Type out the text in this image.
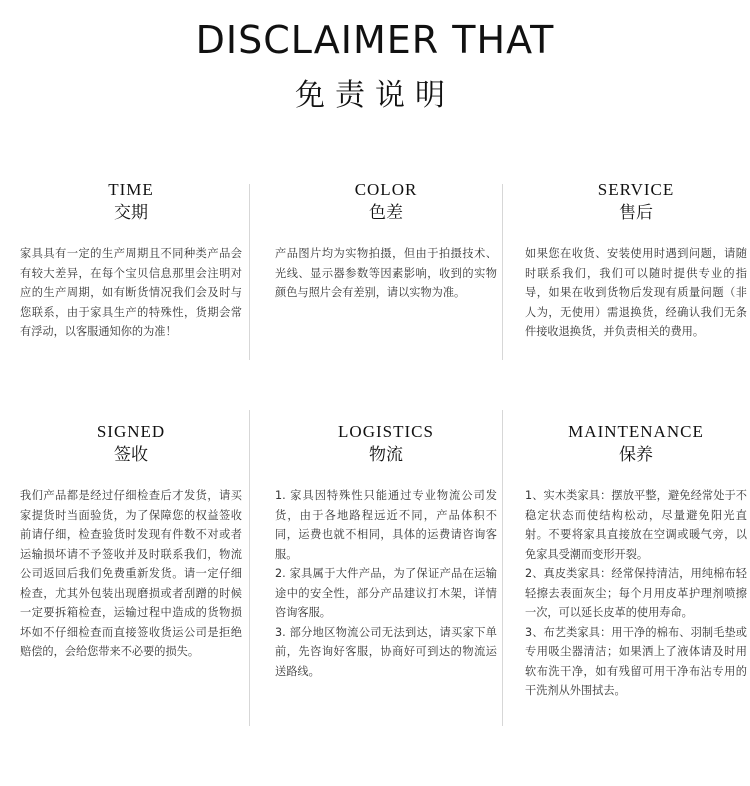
DISCLAIMER THAT
免责说明
TIME
交期

家具具有一定的生产周期且不同种类产品会有较大差异，在每个宝贝信息那里会注明对应的生产周期，如有断货情况我们会及时与您联系，由于家具生产的特殊性，货期会常有浮动，以客服通知你的为准！

COLOR
色差

产品图片均为实物拍摄，但由于拍摄技术、光线、显示器参数等因素影响，收到的实物颜色与照片会有差别，请以实物为准。

SERVICE
售后

如果您在收货、安装使用时遇到问题，请随时联系我们，我们可以随时提供专业的指导，如果在收到货物后发现有质量问题（非人为，无使用）需退换货，经确认我们无条件接收退换货，并负责相关的费用。

SIGNED
签收

我们产品都是经过仔细检查后才发货，请买家提货时当面验货，为了保障您的权益签收前请仔细，检查验货时发现有件数不对或者运输损坏请不予签收并及时联系我们，物流公司返回后我们免费重新发货。请一定仔细检查，尤其外包装出现磨损或者刮蹭的时候一定要拆箱检查，运输过程中造成的货物损坏如不仔细检查而直接签收货运公司是拒绝赔偿的，会给您带来不必要的损失。

LOGISTICS
物流

1. 家具因特殊性只能通过专业物流公司发货，由于各地路程远近不同，产品体积不同，运费也就不相同，具体的运费请咨询客服。

2. 家具属于大件产品，为了保证产品在运输途中的安全性，部分产品建议打木架，详情咨询客服。

3. 部分地区物流公司无法到达，请买家下单前，先咨询好客服，协商好可到达的物流运送路线。

MAINTENANCE
保养

1、实木类家具：摆放平整，避免经常处于不稳定状态而使结构松动，尽量避免阳光直射。不要将家具直接放在空调或暖气旁，以免家具受潮而变形开裂。

2、真皮类家具：经常保持清洁，用纯棉布轻轻擦去表面灰尘；每个月用皮革护理剂喷擦一次，可以延长皮革的使用寿命。

3、布艺类家具：用干净的棉布、羽制毛垫或专用吸尘器清洁；如果洒上了液体请及时用软布洗干净，如有残留可用干净布沾专用的干洗剂从外围拭去。
